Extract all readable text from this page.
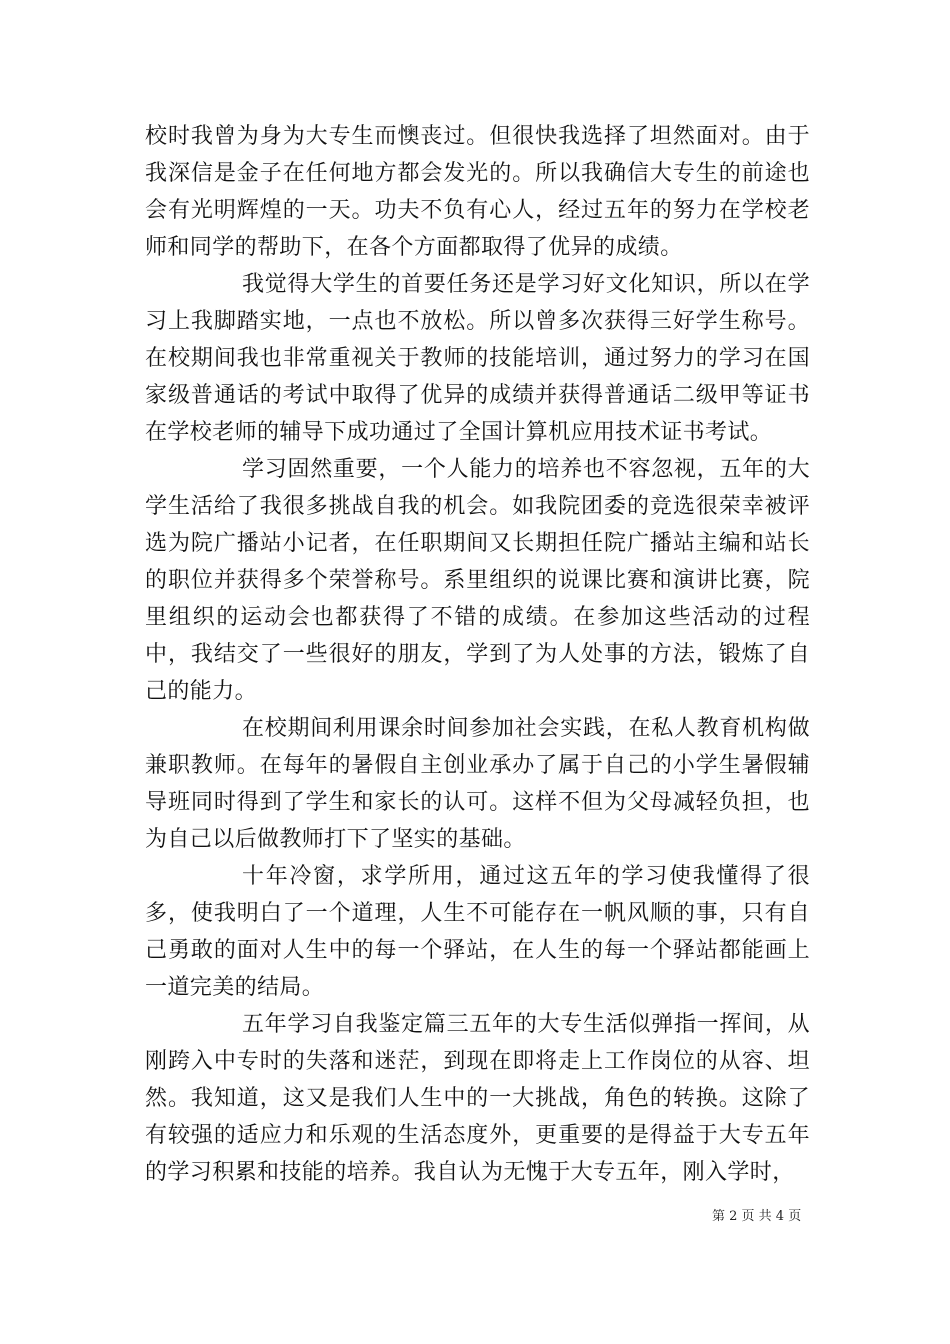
校时我曾为身为大专生而懊丧过。但很快我选择了坦然面对。由于我深信是金子在任何地方都会发光的。所以我确信大专生的前途也会有光明辉煌的一天。功夫不负有心人，经过五年的努力在学校老师和同学的帮助下，在各个方面都取得了优异的成绩。

我觉得大学生的首要任务还是学习好文化知识，所以在学习上我脚踏实地，一点也不放松。所以曾多次获得三好学生称号。在校期间我也非常重视关于教师的技能培训，通过努力的学习在国家级普通话的考试中取得了优异的成绩并获得普通话二级甲等证书在学校老师的辅导下成功通过了全国计算机应用技术证书考试。

学习固然重要，一个人能力的培养也不容忽视，五年的大学生活给了我很多挑战自我的机会。如我院团委的竞选很荣幸被评选为院广播站小记者，在任职期间又长期担任院广播站主编和站长的职位并获得多个荣誉称号。系里组织的说课比赛和演讲比赛，院里组织的运动会也都获得了不错的成绩。在参加这些活动的过程中，我结交了一些很好的朋友，学到了为人处事的方法，锻炼了自己的能力。

在校期间利用课余时间参加社会实践，在私人教育机构做兼职教师。在每年的暑假自主创业承办了属于自己的小学生暑假辅导班同时得到了学生和家长的认可。这样不但为父母减轻负担，也为自己以后做教师打下了坚实的基础。

十年冷窗，求学所用，通过这五年的学习使我懂得了很多，使我明白了一个道理，人生不可能存在一帆风顺的事，只有自己勇敢的面对人生中的每一个驿站，在人生的每一个驿站都能画上一道完美的结局。

五年学习自我鉴定篇三五年的大专生活似弹指一挥间，从刚跨入中专时的失落和迷茫，到现在即将走上工作岗位的从容、坦然。我知道，这又是我们人生中的一大挑战，角色的转换。这除了有较强的适应力和乐观的生活态度外，更重要的是得益于大专五年的学习积累和技能的培养。我自认为无愧于大专五年，刚入学时，

第 2 页 共 4 页
